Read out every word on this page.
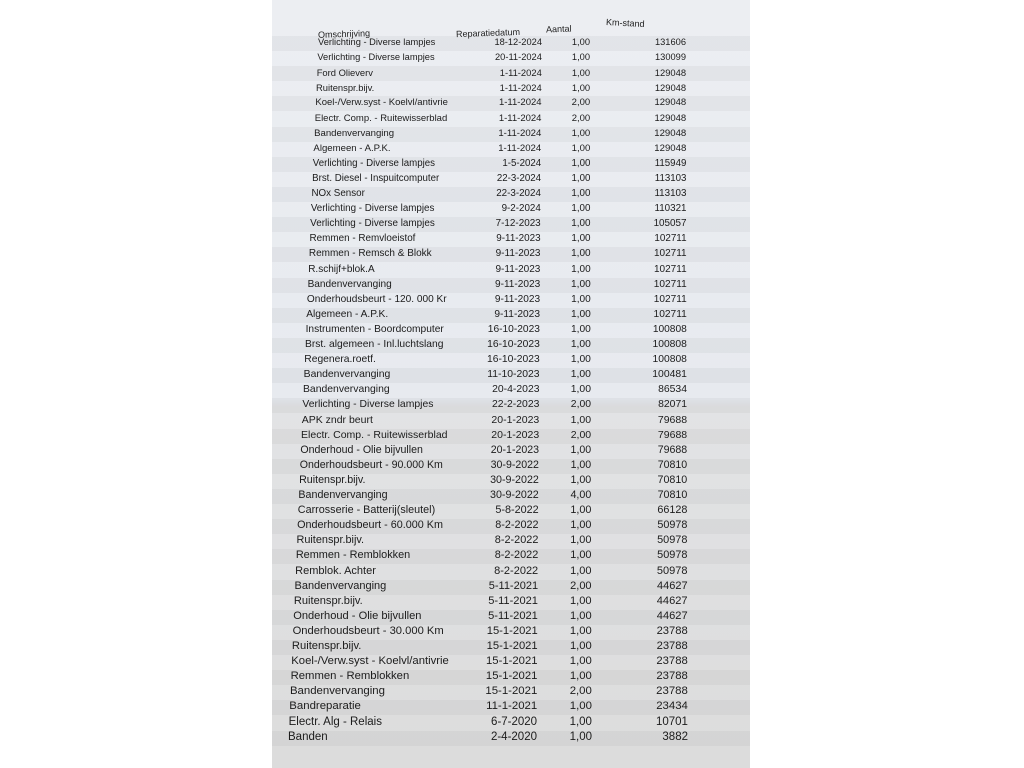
Omschrijving	Reparatiedatum	Aantal	Km-stand
Verlichting - Diverse lampjes	18-12-2024	1,00	131606
Verlichting - Diverse lampjes	20-11-2024	1,00	130099
Ford Olieverv	1-11-2024	1,00	129048
Ruitenspr.bijv.	1-11-2024	1,00	129048
Koel-/Verw.syst - Koelvl/antivrie	1-11-2024	2,00	129048
Electr. Comp. - Ruitewisserblad	1-11-2024	2,00	129048
Bandenvervanging	1-11-2024	1,00	129048
Algemeen - A.P.K.	1-11-2024	1,00	129048
Verlichting - Diverse lampjes	1-5-2024	1,00	115949
Brst. Diesel - Inspuitcomputer	22-3-2024	1,00	113103
NOx Sensor	22-3-2024	1,00	113103
Verlichting - Diverse lampjes	9-2-2024	1,00	110321
Verlichting - Diverse lampjes	7-12-2023	1,00	105057
Remmen - Remvloeistof	9-11-2023	1,00	102711
Remmen - Remsch & Blokk	9-11-2023	1,00	102711
R.schijf+blok.A	9-11-2023	1,00	102711
Bandenvervanging	9-11-2023	1,00	102711
Onderhoudsbeurt - 120. 000 Kr	9-11-2023	1,00	102711
Algemeen - A.P.K.	9-11-2023	1,00	102711
Instrumenten - Boordcomputer	16-10-2023	1,00	100808
Brst. algemeen - Inl.luchtslang	16-10-2023	1,00	100808
Regenera.roetf.	16-10-2023	1,00	100808
Bandenvervanging	11-10-2023	1,00	100481
Bandenvervanging	20-4-2023	1,00	86534
Verlichting - Diverse lampjes	22-2-2023	2,00	82071
APK zndr beurt	20-1-2023	1,00	79688
Electr. Comp. - Ruitewisserblad	20-1-2023	2,00	79688
Onderhoud - Olie bijvullen	20-1-2023	1,00	79688
Onderhoudsbeurt - 90.000 Km	30-9-2022	1,00	70810
Ruitenspr.bijv.	30-9-2022	1,00	70810
Bandenvervanging	30-9-2022	4,00	70810
Carrosserie - Batterij(sleutel)	5-8-2022	1,00	66128
Onderhoudsbeurt - 60.000 Km	8-2-2022	1,00	50978
Ruitenspr.bijv.	8-2-2022	1,00	50978
Remmen - Remblokken	8-2-2022	1,00	50978
Remblok. Achter	8-2-2022	1,00	50978
Bandenvervanging	5-11-2021	2,00	44627
Ruitenspr.bijv.	5-11-2021	1,00	44627
Onderhoud - Olie bijvullen	5-11-2021	1,00	44627
Onderhoudsbeurt - 30.000 Km	15-1-2021	1,00	23788
Ruitenspr.bijv.	15-1-2021	1,00	23788
Koel-/Verw.syst - Koelvl/antivrie	15-1-2021	1,00	23788
Remmen - Remblokken	15-1-2021	1,00	23788
Bandenvervanging	15-1-2021	2,00	23788
Bandreparatie	11-1-2021	1,00	23434
Electr. Alg - Relais	6-7-2020	1,00	10701
Banden	2-4-2020	1,00	3882
